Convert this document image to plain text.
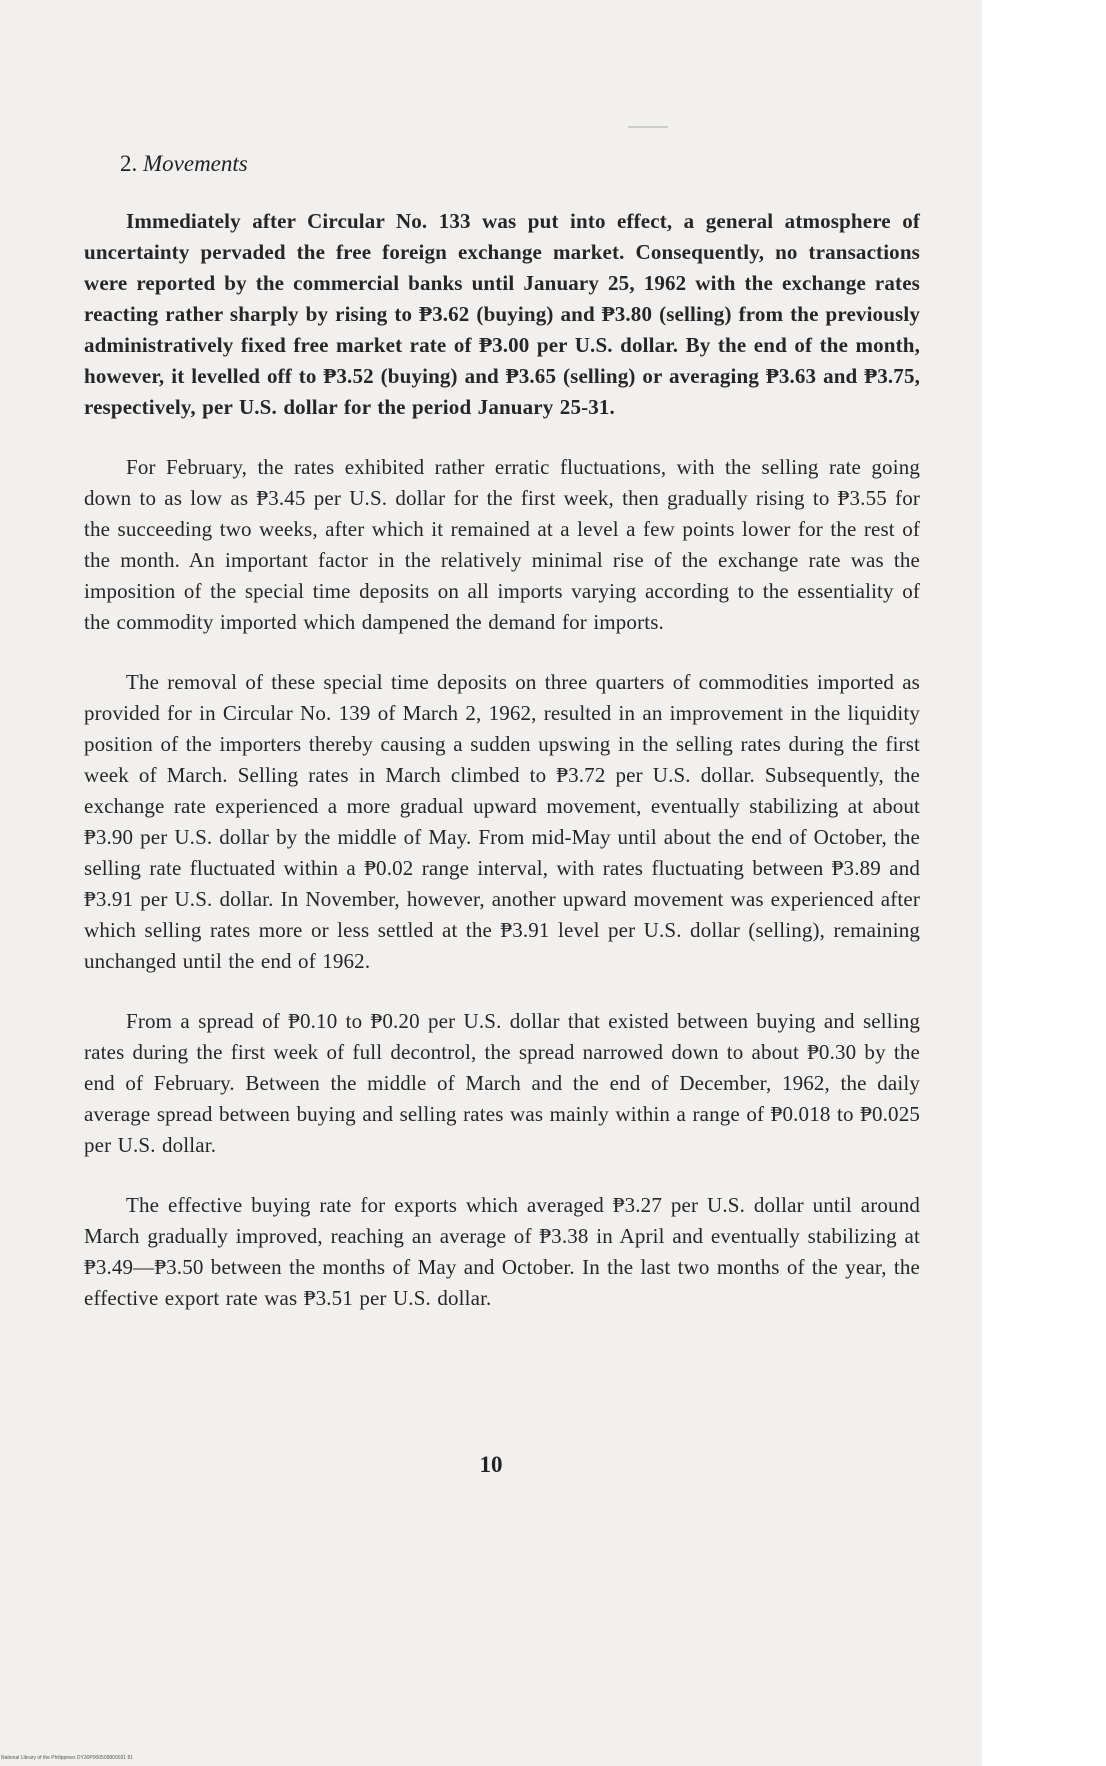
2. Movements

Immediately after Circular No. 133 was put into effect, a general atmosphere of uncertainty pervaded the free foreign exchange market. Consequently, no transactions were reported by the commercial banks until January 25, 1962 with the exchange rates reacting rather sharply by rising to ₱3.62 (buying) and ₱3.80 (selling) from the previously administratively fixed free market rate of ₱3.00 per U.S. dollar. By the end of the month, however, it levelled off to ₱3.52 (buying) and ₱3.65 (selling) or averaging ₱3.63 and ₱3.75, respectively, per U.S. dollar for the period January 25-31.

For February, the rates exhibited rather erratic fluctuations, with the selling rate going down to as low as ₱3.45 per U.S. dollar for the first week, then gradually rising to ₱3.55 for the succeeding two weeks, after which it remained at a level a few points lower for the rest of the month. An important factor in the relatively minimal rise of the exchange rate was the imposition of the special time deposits on all imports varying according to the essentiality of the commodity imported which dampened the demand for imports.

The removal of these special time deposits on three quarters of commodities imported as provided for in Circular No. 139 of March 2, 1962, resulted in an improvement in the liquidity position of the importers thereby causing a sudden upswing in the selling rates during the first week of March. Selling rates in March climbed to ₱3.72 per U.S. dollar. Subsequently, the exchange rate experienced a more gradual upward movement, eventually stabilizing at about ₱3.90 per U.S. dollar by the middle of May. From mid-May until about the end of October, the selling rate fluctuated within a ₱0.02 range interval, with rates fluctuating between ₱3.89 and ₱3.91 per U.S. dollar. In November, however, another upward movement was experienced after which selling rates more or less settled at the ₱3.91 level per U.S. dollar (selling), remaining unchanged until the end of 1962.

From a spread of ₱0.10 to ₱0.20 per U.S. dollar that existed between buying and selling rates during the first week of full decontrol, the spread narrowed down to about ₱0.30 by the end of February. Between the middle of March and the end of December, 1962, the daily average spread between buying and selling rates was mainly within a range of ₱0.018 to ₱0.025 per U.S. dollar.

The effective buying rate for exports which averaged ₱3.27 per U.S. dollar until around March gradually improved, reaching an average of ₱3.38 in April and eventually stabilizing at ₱3.49—₱3.50 between the months of May and October. In the last two months of the year, the effective export rate was ₱3.51 per U.S. dollar.

10
National Library of the Philippines DY30P000509800031 81
